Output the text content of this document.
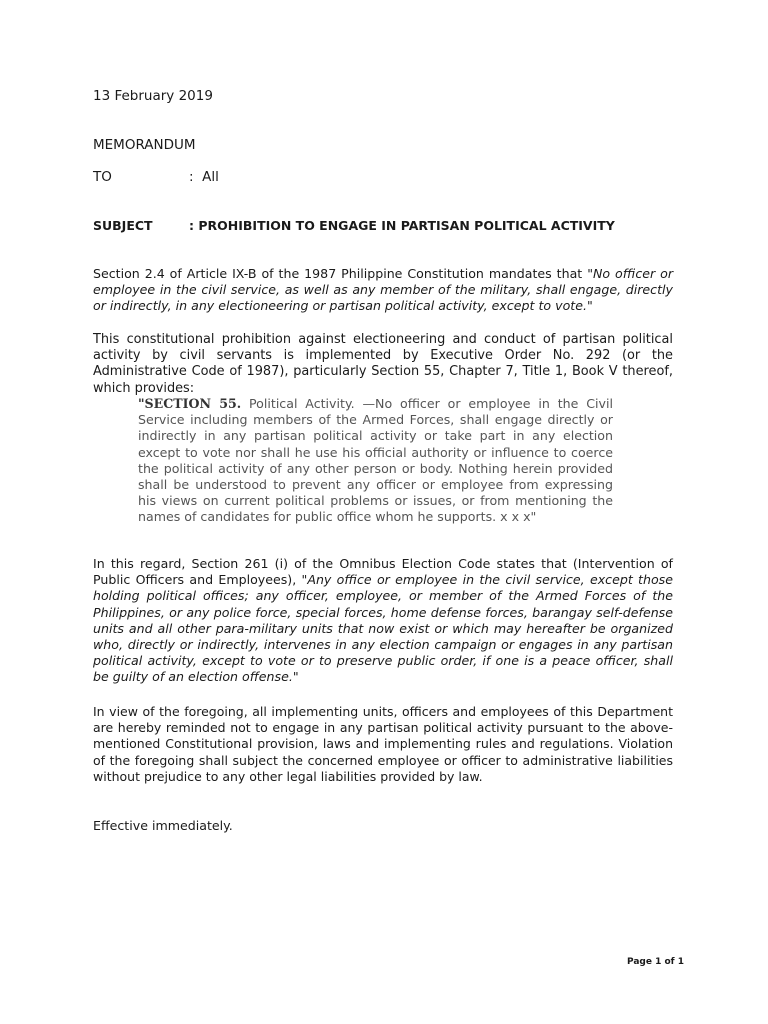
13 February 2019
MEMORANDUM
TO	: All
SUBJECT	: PROHIBITION TO ENGAGE IN PARTISAN POLITICAL ACTIVITY
Section 2.4 of Article IX-B of the 1987 Philippine Constitution mandates that "No officer or employee in the civil service, as well as any member of the military, shall engage, directly or indirectly, in any electioneering or partisan political activity, except to vote."
This constitutional prohibition against electioneering and conduct of partisan political activity by civil servants is implemented by Executive Order No. 292 (or the Administrative Code of 1987), particularly Section 55, Chapter 7, Title 1, Book V thereof, which provides:
"SECTION 55. Political Activity. —No officer or employee in the Civil Service including members of the Armed Forces, shall engage directly or indirectly in any partisan political activity or take part in any election except to vote nor shall he use his official authority or influence to coerce the political activity of any other person or body. Nothing herein provided shall be understood to prevent any officer or employee from expressing his views on current political problems or issues, or from mentioning the names of candidates for public office whom he supports. x x x"
In this regard, Section 261 (i) of the Omnibus Election Code states that (Intervention of Public Officers and Employees), "Any office or employee in the civil service, except those holding political offices; any officer, employee, or member of the Armed Forces of the Philippines, or any police force, special forces, home defense forces, barangay self-defense units and all other para-military units that now exist or which may hereafter be organized who, directly or indirectly, intervenes in any election campaign or engages in any partisan political activity, except to vote or to preserve public order, if one is a peace officer, shall be guilty of an election offense."
In view of the foregoing, all implementing units, officers and employees of this Department are hereby reminded not to engage in any partisan political activity pursuant to the above-mentioned Constitutional provision, laws and implementing rules and regulations. Violation of the foregoing shall subject the concerned employee or officer to administrative liabilities without prejudice to any other legal liabilities provided by law.
Effective immediately.
Page 1 of 1
